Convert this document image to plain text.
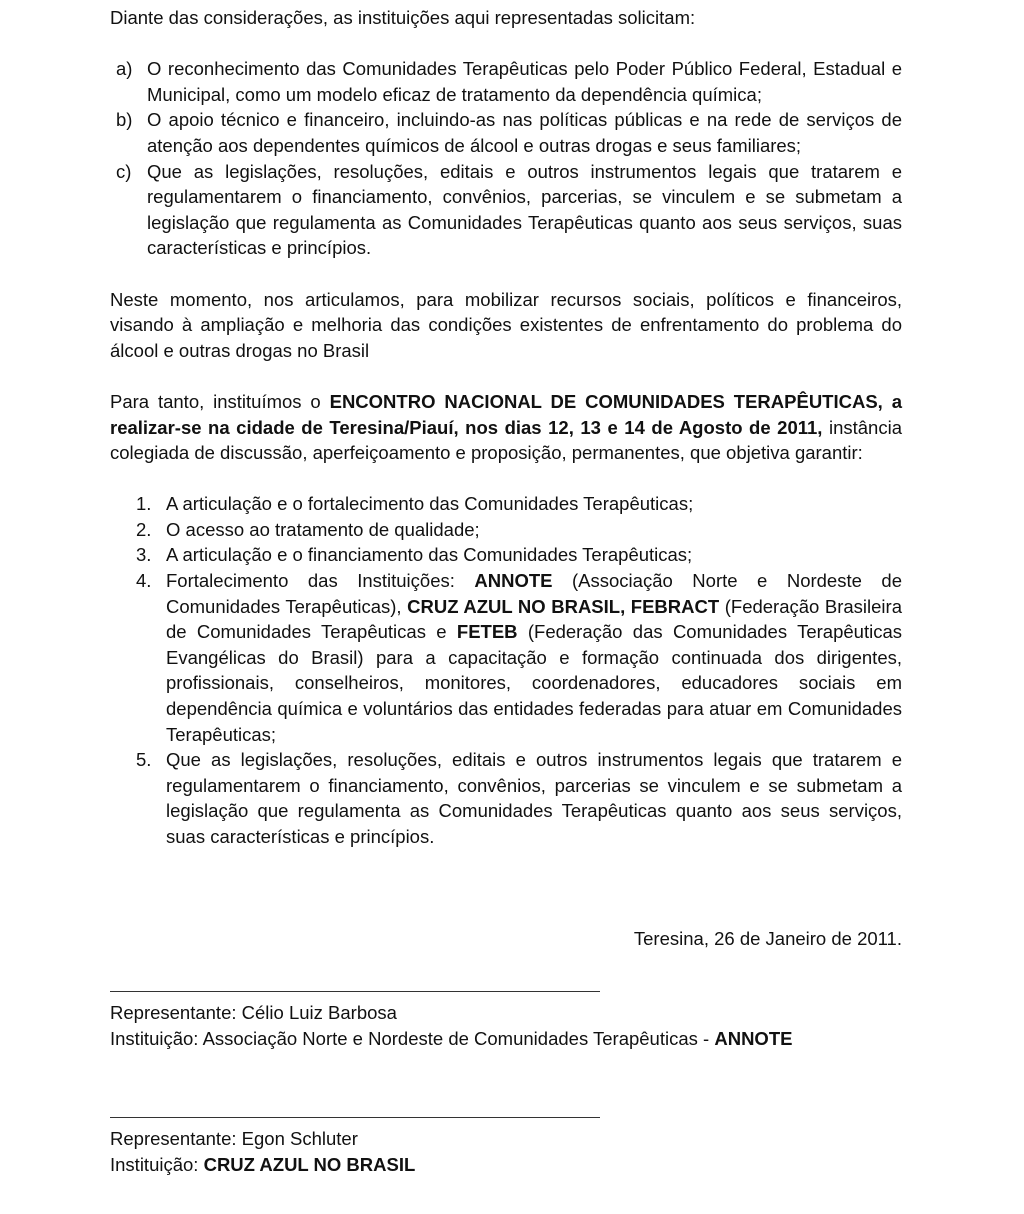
Diante das considerações, as instituições aqui representadas solicitam:

a) O reconhecimento das Comunidades Terapêuticas pelo Poder Público Federal, Estadual e Municipal, como um modelo eficaz de tratamento da dependência química;
b) O apoio técnico e financeiro, incluindo-as nas políticas públicas e na rede de serviços de atenção aos dependentes químicos de álcool e outras drogas e seus familiares;
c) Que as legislações, resoluções, editais e outros instrumentos legais que tratarem e regulamentarem o financiamento, convênios, parcerias, se vinculem e se submetam a legislação que regulamenta as Comunidades Terapêuticas quanto aos seus serviços, suas características e princípios.

Neste momento, nos articulamos, para mobilizar recursos sociais, políticos e financeiros, visando à ampliação e melhoria das condições existentes de enfrentamento do problema do álcool e outras drogas no Brasil

Para tanto, instituímos o ENCONTRO NACIONAL DE COMUNIDADES TERAPÊUTICAS, a realizar-se na cidade de Teresina/Piauí, nos dias 12, 13 e 14 de Agosto de 2011, instância colegiada de discussão, aperfeiçoamento e proposição, permanentes, que objetiva garantir:

1. A articulação e o fortalecimento das Comunidades Terapêuticas;
2. O acesso ao tratamento de qualidade;
3. A articulação e o financiamento das Comunidades Terapêuticas;
4. Fortalecimento das Instituições: ANNOTE (Associação Norte e Nordeste de Comunidades Terapêuticas), CRUZ AZUL NO BRASIL, FEBRACT (Federação Brasileira de Comunidades Terapêuticas e FETEB (Federação das Comunidades Terapêuticas Evangélicas do Brasil) para a capacitação e formação continuada dos dirigentes, profissionais, conselheiros, monitores, coordenadores, educadores sociais em dependência química e voluntários das entidades federadas para atuar em Comunidades Terapêuticas;
5. Que as legislações, resoluções, editais e outros instrumentos legais que tratarem e regulamentarem o financiamento, convênios, parcerias se vinculem e se submetam a legislação que regulamenta as Comunidades Terapêuticas quanto aos seus serviços, suas características e princípios.

Teresina, 26 de Janeiro de 2011.

Representante: Célio Luiz Barbosa

Instituição: Associação Norte e Nordeste de Comunidades Terapêuticas - ANNOTE

Representante: Egon Schluter

Instituição: CRUZ AZUL NO BRASIL
